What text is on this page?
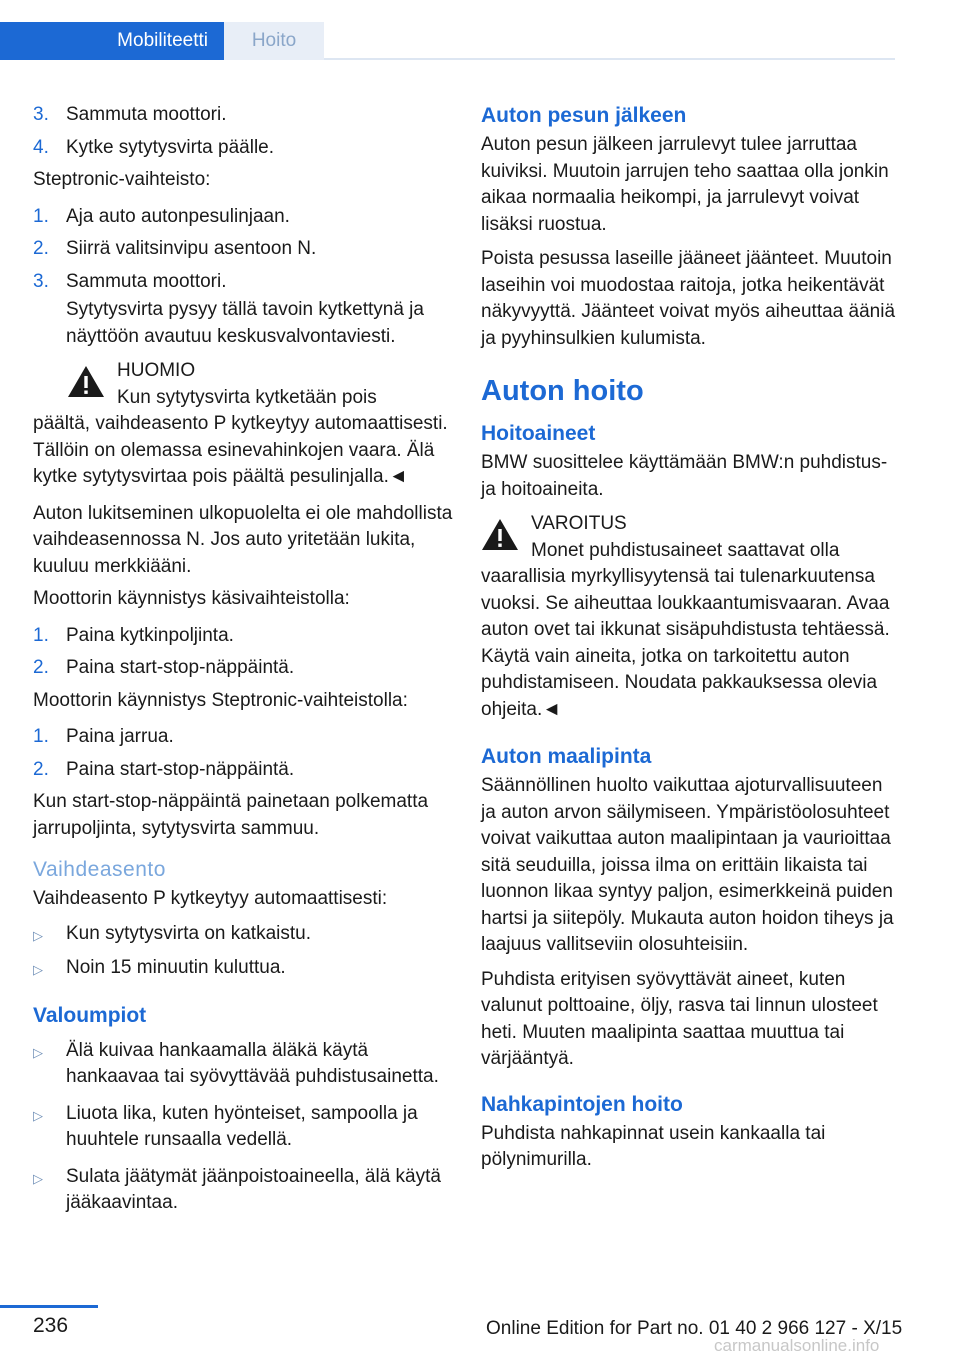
Mobiliteetti	Hoito
3. Sammuta moottori.
4. Kytke sytytysvirta päälle.

Steptronic-vaihteisto:

1. Aja auto autonpesulinjaan.
2. Siirrä valitsinvipu asentoon N.
3. Sammuta moottori.
Sytytysvirta pysyy tällä tavoin kytkettynä ja näyttöön avautuu keskusvalvontaviesti.
HUOMIO
Kun sytytysvirta kytketään pois
päältä, vaihdeasento P kytkeytyy automaattisesti. Tällöin on olemassa esinevahinkojen vaara. Älä kytke sytytysvirtaa pois päältä pesulinjalla.◄

Auton lukitseminen ulkopuolelta ei ole mahdollista vaihdeasennossa N. Jos auto yritetään lukita, kuuluu merkkiääni.

Moottorin käynnistys käsivaihteistolla:

1. Paina kytkinpoljinta.
2. Paina start-stop-näppäintä.

Moottorin käynnistys Steptronic-vaihteistolla:

1. Paina jarrua.
2. Paina start-stop-näppäintä.

Kun start-stop-näppäintä painetaan polkematta jarrupoljinta, sytytysvirta sammuu.

Vaihdeasento

Vaihdeasento P kytkeytyy automaattisesti:

▷	Kun sytytysvirta on katkaistu.
▷	Noin 15 minuutin kuluttua.
Valoumpiot
▷	Älä kuivaa hankaamalla äläkä käytä hankaavaa tai syövyttävää puhdistusainetta.
▷	Liuota lika, kuten hyönteiset, sampoolla ja huuhtele runsaalla vedellä.
▷	Sulata jäätymät jäänpoistoaineella, älä käytä jääkaavintaa.
Auton pesun jälkeen

Auton pesun jälkeen jarrulevyt tulee jarruttaa kuiviksi. Muutoin jarrujen teho saattaa olla jonkin aikaa normaalia heikompi, ja jarrulevyt voivat lisäksi ruostua.

Poista pesussa laseille jääneet jäänteet. Muutoin laseihin voi muodostaa raitoja, jotka heikentävät näkyvyyttä. Jäänteet voivat myös aiheuttaa ääniä ja pyyhinsulkien kulumista.

Auton hoito
Hoitoaineet

BMW suosittelee käyttämään BMW:n puhdistus- ja hoitoaineita.

VAROITUS
Monet puhdistusaineet saattavat olla
vaarallisia myrkyllisyytensä tai tulenarkuutensa vuoksi. Se aiheuttaa loukkaantumisvaaran. Avaa auton ovet tai ikkunat sisäpuhdistusta tehtäessä. Käytä vain aineita, jotka on tarkoitettu auton puhdistamiseen. Noudata pakkauksessa olevia ohjeita.◄
Auton maalipinta

Säännöllinen huolto vaikuttaa ajoturvallisuuteen ja auton arvon säilymiseen. Ympäristöolosuhteet voivat vaikuttaa auton maalipintaan ja vaurioittaa sitä seuduilla, joissa ilma on erittäin likaista tai luonnon likaa syntyy paljon, esimerkkeinä puiden hartsi ja siitepöly. Mukauta auton hoidon tiheys ja laajuus vallitseviin olosuhteisiin.

Puhdista erityisen syövyttävät aineet, kuten valunut polttoaine, öljy, rasva tai linnun ulosteet heti. Muuten maalipinta saattaa muuttua tai värjääntyä.

Nahkapintojen hoito

Puhdista nahkapinnat usein kankaalla tai pölynimurilla.

236	Online Edition for Part no. 01 40 2 966 127 - X/15
carmanualsonline.info
